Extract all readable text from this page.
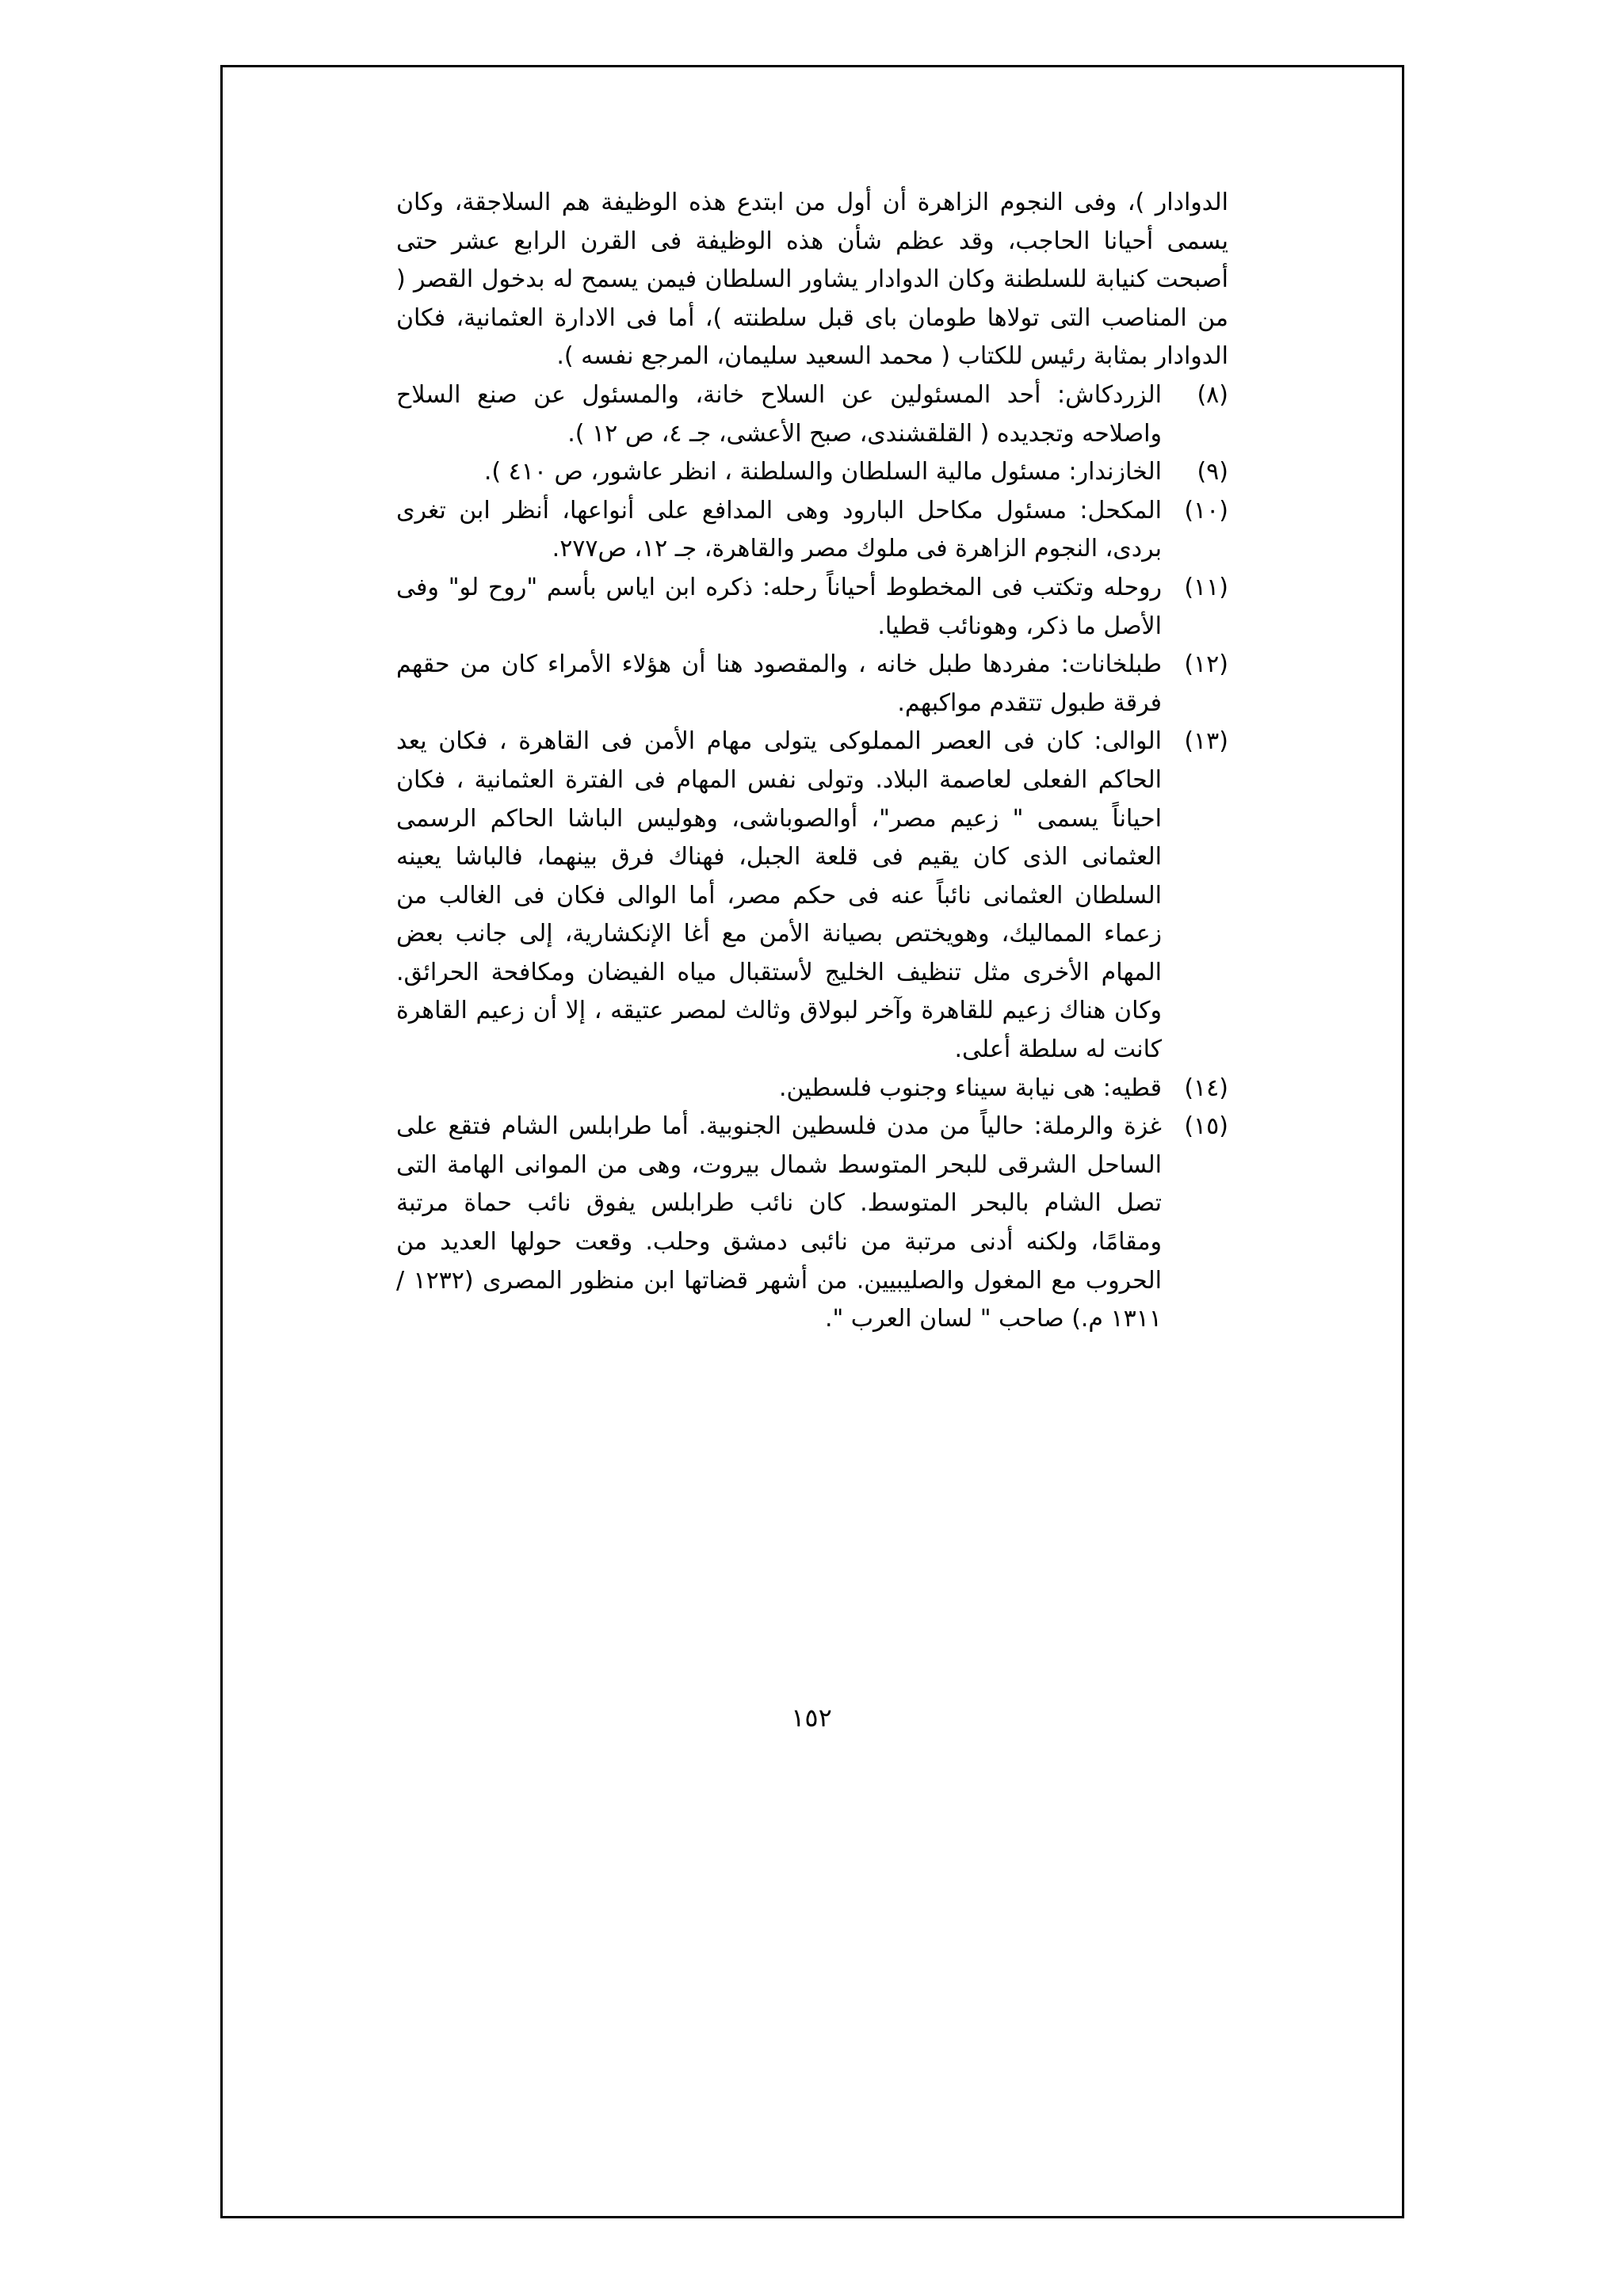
الدوادار )، وفى النجوم الزاهرة أن أول من ابتدع هذه الوظيفة هم السلاجقة، وكان يسمى أحيانا الحاجب، وقد عظم شأن هذه الوظيفة فى القرن الرابع عشر حتى أصبحت كنيابة للسلطنة وكان الدوادار يشاور السلطان فيمن يسمح له بدخول القصر ( من المناصب التى تولاها طومان باى قبل سلطنته )، أما فى الادارة العثمانية، فكان الدوادار بمثابة رئيس للكتاب ( محمد السعيد سليمان، المرجع نفسه ).

(٨)
الزردكاش: أحد المسئولين عن السلاح خانة، والمسئول عن صنع السلاح واصلاحه وتجديده ( القلقشندى، صبح الأعشى، جـ ٤، ص ١٢ ).
(٩)
الخازندار: مسئول مالية السلطان والسلطنة ، انظر عاشور، ص ٤١٠ ).
(١٠)
المكحل: مسئول مكاحل البارود وهى المدافع على أنواعها، أنظر ابن تغرى بردى، النجوم الزاهرة فى ملوك مصر والقاهرة، جـ ١٢، ص٢٧٧.
(١١)
روحله وتكتب فى المخطوط أحياناً رحله: ذكره ابن اياس بأسم "روح لو" وفى الأصل ما ذكر، وهونائب قطيا.
(١٢)
طبلخانات: مفردها طبل خانه ، والمقصود هنا أن هؤلاء الأمراء كان من حقهم فرقة طبول تتقدم مواكبهم.
(١٣)
الوالى: كان فى العصر المملوكى يتولى مهام الأمن فى القاهرة ، فكان يعد الحاكم الفعلى لعاصمة البلاد. وتولى نفس المهام فى الفترة العثمانية ، فكان احياناً يسمى " زعيم مصر"، أوالصوباشى، وهوليس الباشا الحاكم الرسمى العثمانى الذى كان يقيم فى قلعة الجبل، فهناك فرق بينهما، فالباشا يعينه السلطان العثمانى نائباً عنه فى حكم مصر، أما الوالى فكان فى الغالب من زعماء المماليك، وهويختص بصيانة الأمن مع أغا الإنكشارية، إلى جانب بعض المهام الأخرى مثل تنظيف الخليج لأستقبال مياه الفيضان ومكافحة الحرائق. وكان هناك زعيم للقاهرة وآخر لبولاق وثالث لمصر عتيقه ، إلا أن زعيم القاهرة كانت له سلطة أعلى.
(١٤)
قطيه: هى نيابة سيناء وجنوب فلسطين.
(١٥)
غزة والرملة: حالياً من مدن فلسطين الجنوبية. أما طرابلس الشام فتقع على الساحل الشرقى للبحر المتوسط شمال بيروت، وهى من الموانى الهامة التى تصل الشام بالبحر المتوسط. كان نائب طرابلس يفوق نائب حماة مرتبة ومقامًا، ولكنه أدنى مرتبة من نائبى دمشق وحلب. وقعت حولها العديد من الحروب مع المغول والصليبيين. من أشهر قضاتها ابن منظور المصرى (١٢٣٢ / ١٣١١ م.) صاحب " لسان العرب ".
١٥٢
